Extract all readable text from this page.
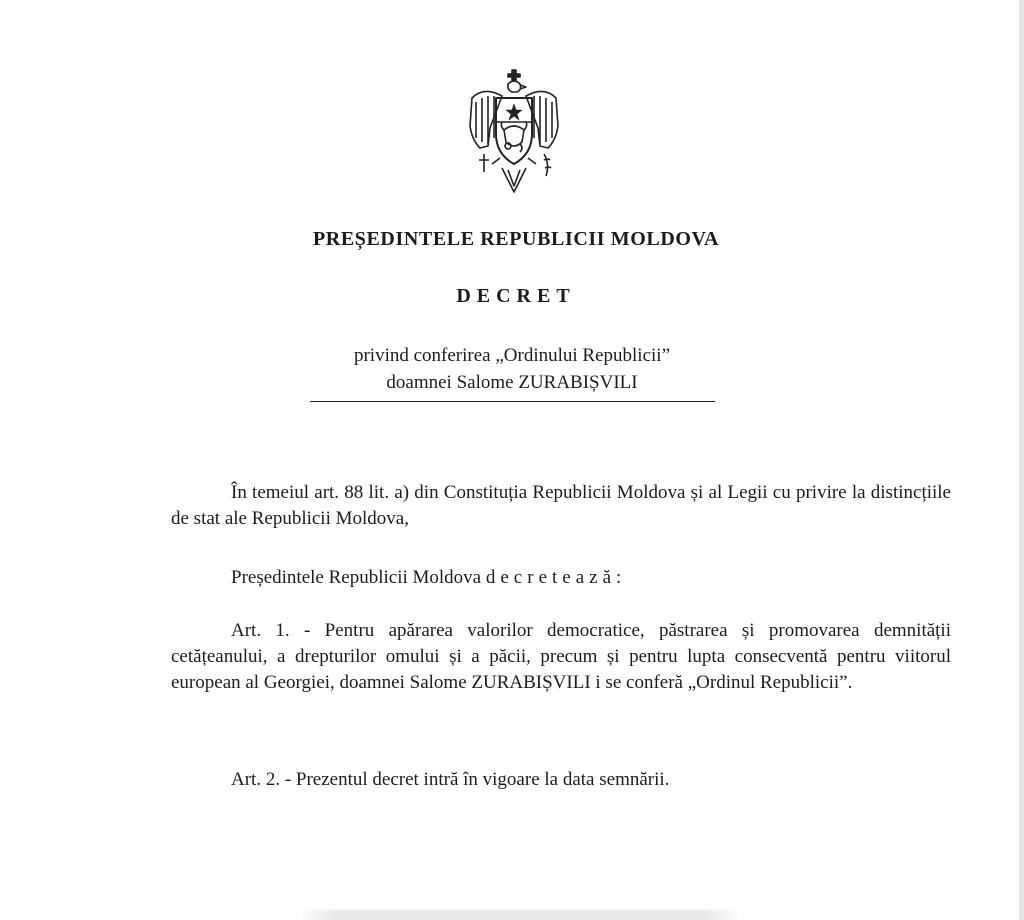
PREȘEDINTELE REPUBLICII MOLDOVA
DECRET
privind conferirea „Ordinului Republicii”
doamnei Salome ZURABIȘVILI
În temeiul art. 88 lit. a) din Constituția Republicii Moldova și al Legii cu privire la distincțiile de stat ale Republicii Moldova,
Președintele Republicii Moldova decretează:
Art. 1. - Pentru apărarea valorilor democratice, păstrarea și promovarea demnității cetățeanului, a drepturilor omului și a păcii, precum și pentru lupta consecventă pentru viitorul european al Georgiei, doamnei Salome ZURABIȘVILI i se conferă „Ordinul Republicii”.
Art. 2. - Prezentul decret intră în vigoare la data semnării.
